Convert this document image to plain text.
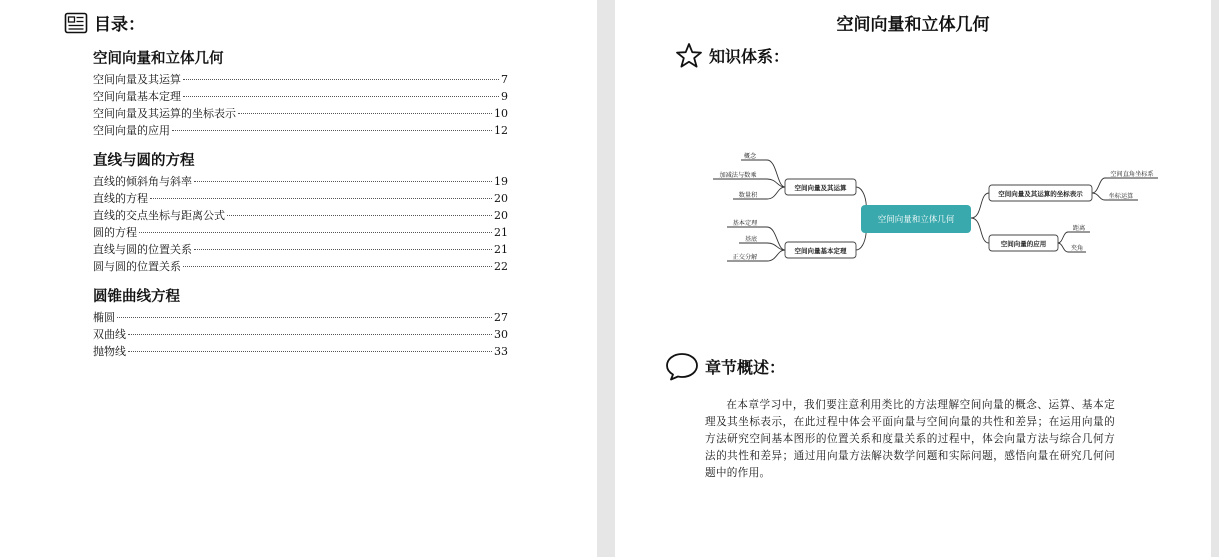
目录：
空间向量和立体几何
空间向量及其运算	7
空间向量基本定理	9
空间向量及其运算的坐标表示	10
空间向量的应用	12
直线与圆的方程
直线的倾斜角与斜率	19
直线的方程	20
直线的交点坐标与距离公式	20
圆的方程	21
直线与圆的位置关系	21
圆与圆的位置关系	22
圆锥曲线方程
椭圆	27
双曲线	30
抛物线	33
空间向量和立体几何
知识体系：
空间向量和立体几何
空间向量及其运算
空间向量基本定理
空间向量及其运算的坐标表示
空间向量的应用
概念
加减法与数乘
数量积
基本定理
基底
正交分解
空间直角坐标系
坐标运算
距离
夹角
章节概述：

在本章学习中，我们要注意利用类比的方法理解空间向量的概念、运算、基本定理及其坐标表示，在此过程中体会平面向量与空间向量的共性和差异；在运用向量的方法研究空间基本图形的位置关系和度量关系的过程中，体会向量方法与综合几何方法的共性和差异；通过用向量方法解决数学问题和实际问题，感悟向量在研究几何问题中的作用。
